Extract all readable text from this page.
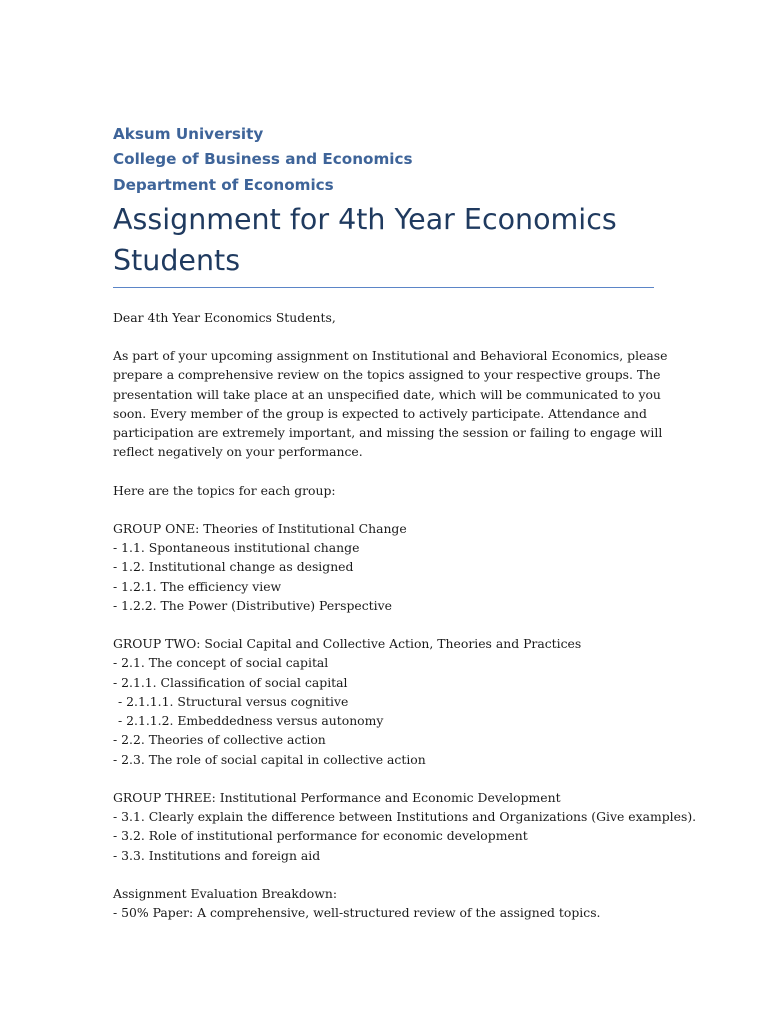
Aksum University
College of Business and Economics
Department of Economics
Assignment for 4th Year Economics
Students
Dear 4th Year Economics Students,
As part of your upcoming assignment on Institutional and Behavioral Economics, please
prepare a comprehensive review on the topics assigned to your respective groups. The
presentation will take place at an unspecified date, which will be communicated to you
soon. Every member of the group is expected to actively participate. Attendance and
participation are extremely important, and missing the session or failing to engage will
reflect negatively on your performance.
Here are the topics for each group:
GROUP ONE: Theories of Institutional Change
- 1.1. Spontaneous institutional change
- 1.2. Institutional change as designed
- 1.2.1. The efficiency view
- 1.2.2. The Power (Distributive) Perspective
GROUP TWO: Social Capital and Collective Action, Theories and Practices
- 2.1. The concept of social capital
- 2.1.1. Classification of social capital
- 2.1.1.1. Structural versus cognitive
- 2.1.1.2. Embeddedness versus autonomy
- 2.2. Theories of collective action
- 2.3. The role of social capital in collective action
GROUP THREE: Institutional Performance and Economic Development
- 3.1. Clearly explain the difference between Institutions and Organizations (Give examples).
- 3.2. Role of institutional performance for economic development
- 3.3. Institutions and foreign aid
Assignment Evaluation Breakdown:
- 50% Paper: A comprehensive, well-structured review of the assigned topics.
